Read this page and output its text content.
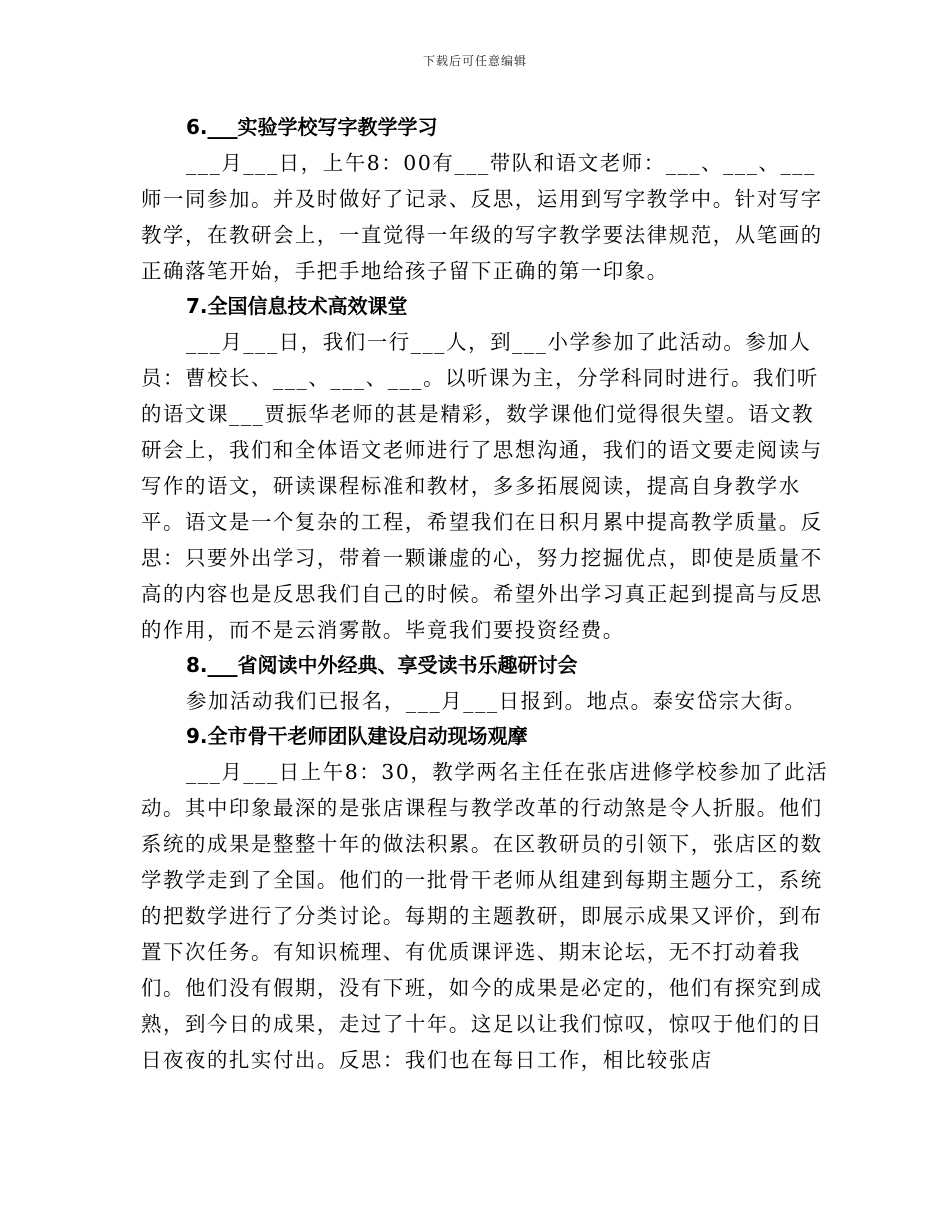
下载后可任意编辑
6.___实验学校写字教学学习

___月___日，上午8：00有___带队和语文老师：___、___、___师一同参加。并及时做好了记录、反思，运用到写字教学中。针对写字教学，在教研会上，一直觉得一年级的写字教学要法律规范，从笔画的正确落笔开始，手把手地给孩子留下正确的第一印象。

7.全国信息技术高效课堂

___月___日，我们一行___人，到___小学参加了此活动。参加人员：曹校长、___、___、___。以听课为主，分学科同时进行。我们听的语文课___贾振华老师的甚是精彩，数学课他们觉得很失望。语文教研会上，我们和全体语文老师进行了思想沟通，我们的语文要走阅读与写作的语文，研读课程标准和教材，多多拓展阅读，提高自身教学水平。语文是一个复杂的工程，希望我们在日积月累中提高教学质量。反思：只要外出学习，带着一颗谦虚的心，努力挖掘优点，即使是质量不高的内容也是反思我们自己的时候。希望外出学习真正起到提高与反思的作用，而不是云消雾散。毕竟我们要投资经费。

8.___省阅读中外经典、享受读书乐趣研讨会

参加活动我们已报名，___月___日报到。地点。泰安岱宗大街。

9.全市骨干老师团队建设启动现场观摩

___月___日上午8：30，教学两名主任在张店进修学校参加了此活动。其中印象最深的是张店课程与教学改革的行动煞是令人折服。他们系统的成果是整整十年的做法积累。在区教研员的引领下，张店区的数学教学走到了全国。他们的一批骨干老师从组建到每期主题分工，系统的把数学进行了分类讨论。每期的主题教研，即展示成果又评价，到布置下次任务。有知识梳理、有优质课评选、期末论坛，无不打动着我们。他们没有假期，没有下班，如今的成果是必定的，他们有探究到成熟，到今日的成果，走过了十年。这足以让我们惊叹，惊叹于他们的日日夜夜的扎实付出。反思：我们也在每日工作，相比较张店
